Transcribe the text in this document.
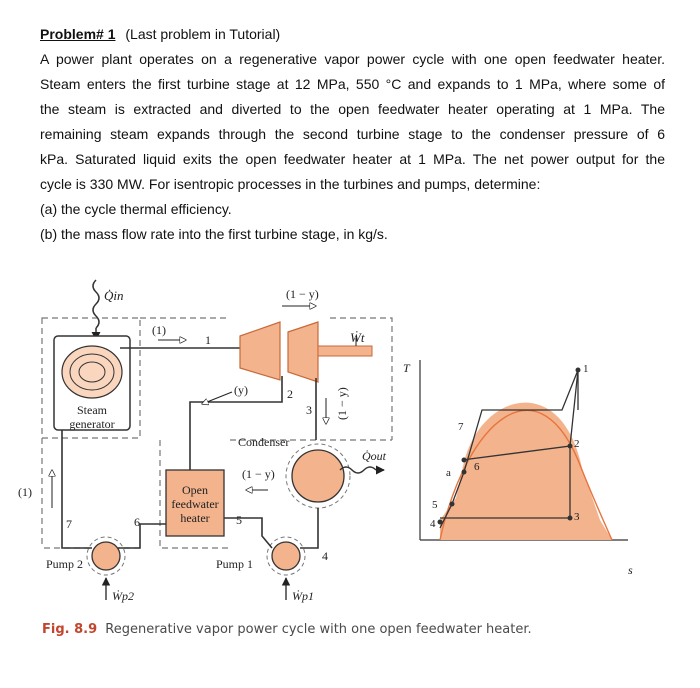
Problem# 1 (Last problem in Tutorial)
A power plant operates on a regenerative vapor power cycle with one open feedwater heater.
Steam enters the first turbine stage at 12 MPa, 550 °C and expands to 1 MPa, where some of
the steam is extracted and diverted to the open feedwater heater operating at 1 MPa. The
remaining steam expands through the second turbine stage to the condenser pressure of 6
kPa. Saturated liquid exits the open feedwater heater at 1 MPa. The net power output for the
cycle is 330 MW. For isentropic processes in the turbines and pumps, determine:
(a) the cycle thermal efficiency.
(b) the mass flow rate into the first turbine stage, in kg/s.
Q̇in
Steam
generator
(1)
1
(1 − y)
Ẇt
(y)	2
3 (1 − y)
Condenser
Q̇out
(1 − y)
4
Pump 1
Ẇp1
5
Open
feedwater
heater
6
Pump 2
Ẇp2
7
(1)
T
s
1
2
3
4
5
6
7
a
Fig. 8.9 Regenerative vapor power cycle with one open feedwater heater.
